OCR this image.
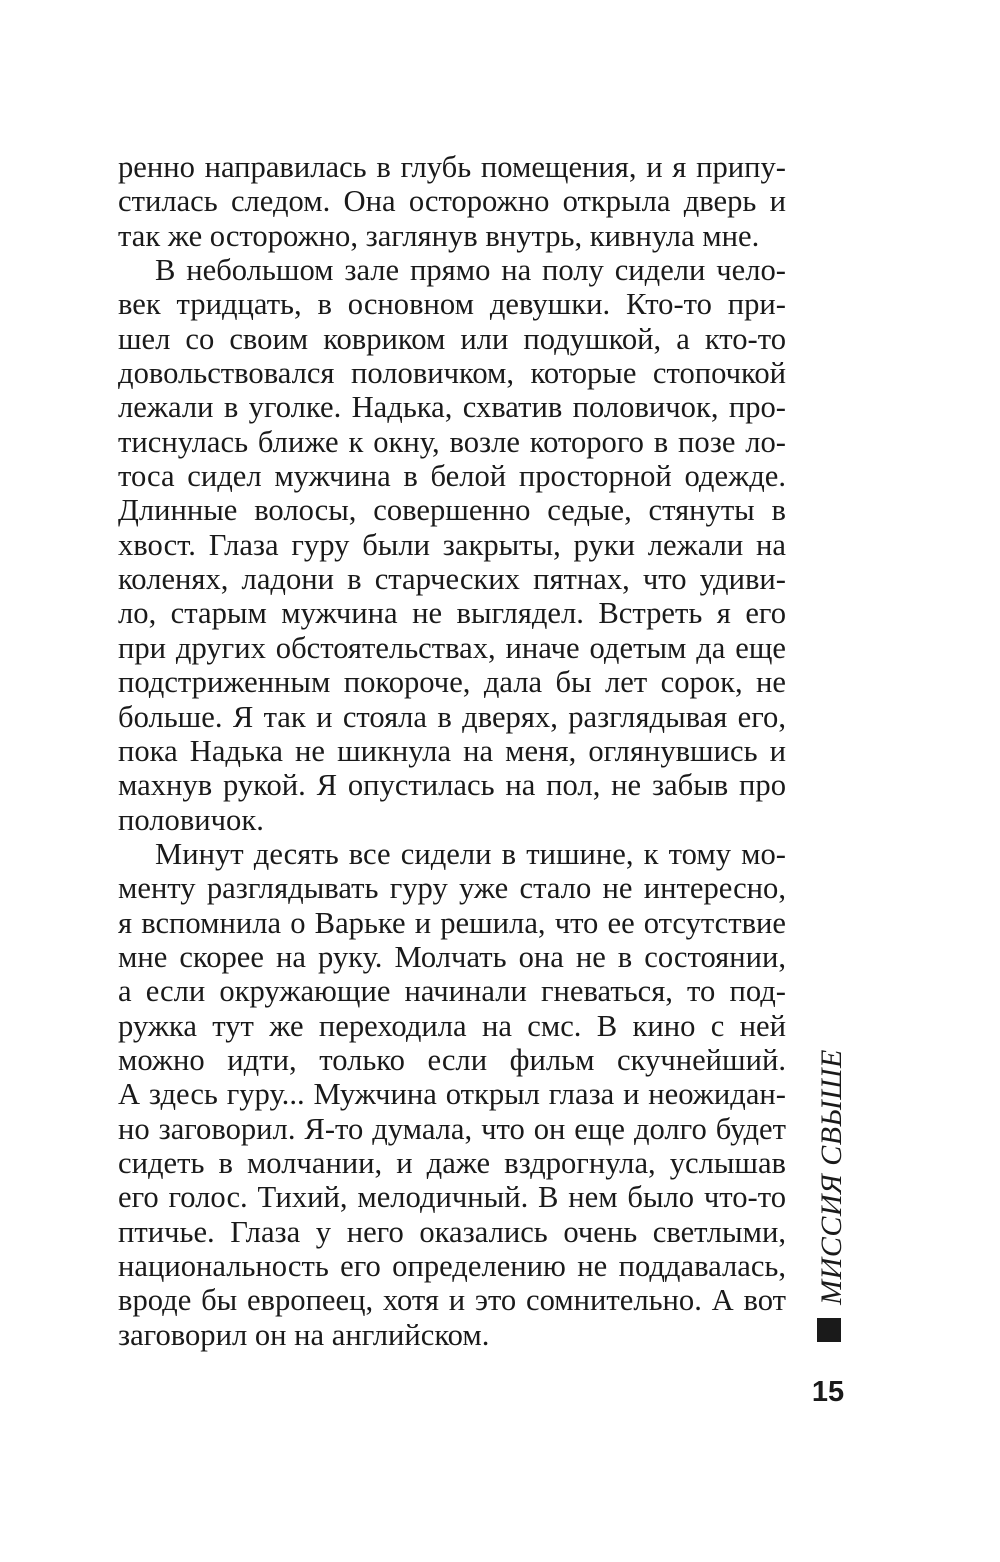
ренно направилась в глубь помещения, и я припу-
стилась следом. Она осторожно открыла дверь и
так же осторожно, заглянув внутрь, кивнула мне.
В небольшом зале прямо на полу сидели чело-
век тридцать, в основном девушки. Кто-то при-
шел со своим ковриком или подушкой, а кто-то
довольствовался половичком, которые стопочкой
лежали в уголке. Надька, схватив половичок, про-
тиснулась ближе к окну, возле которого в позе ло-
тоса сидел мужчина в белой просторной одежде.
Длинные волосы, совершенно седые, стянуты в
хвост. Глаза гуру были закрыты, руки лежали на
коленях, ладони в старческих пятнах, что удиви-
ло, старым мужчина не выглядел. Встреть я его
при других обстоятельствах, иначе одетым да еще
подстриженным покороче, дала бы лет сорок, не
больше. Я так и стояла в дверях, разглядывая его,
пока Надька не шикнула на меня, оглянувшись и
махнув рукой. Я опустилась на пол, не забыв про
половичок.
Минут десять все сидели в тишине, к тому мо-
менту разглядывать гуру уже стало не интересно,
я вспомнила о Варьке и решила, что ее отсутствие
мне скорее на руку. Молчать она не в состоянии,
а если окружающие начинали гневаться, то под-
ружка тут же переходила на смс. В кино с ней
можно идти, только если фильм скучнейший.
А здесь гуру... Мужчина открыл глаза и неожидан-
но заговорил. Я-то думала, что он еще долго будет
сидеть в молчании, и даже вздрогнула, услышав
его голос. Тихий, мелодичный. В нем было что-то
птичье. Глаза у него оказались очень светлыми,
национальность его определению не поддавалась,
вроде бы европеец, хотя и это сомнительно. А вот
заговорил он на английском.
МИССИЯ СВЫШЕ
15
